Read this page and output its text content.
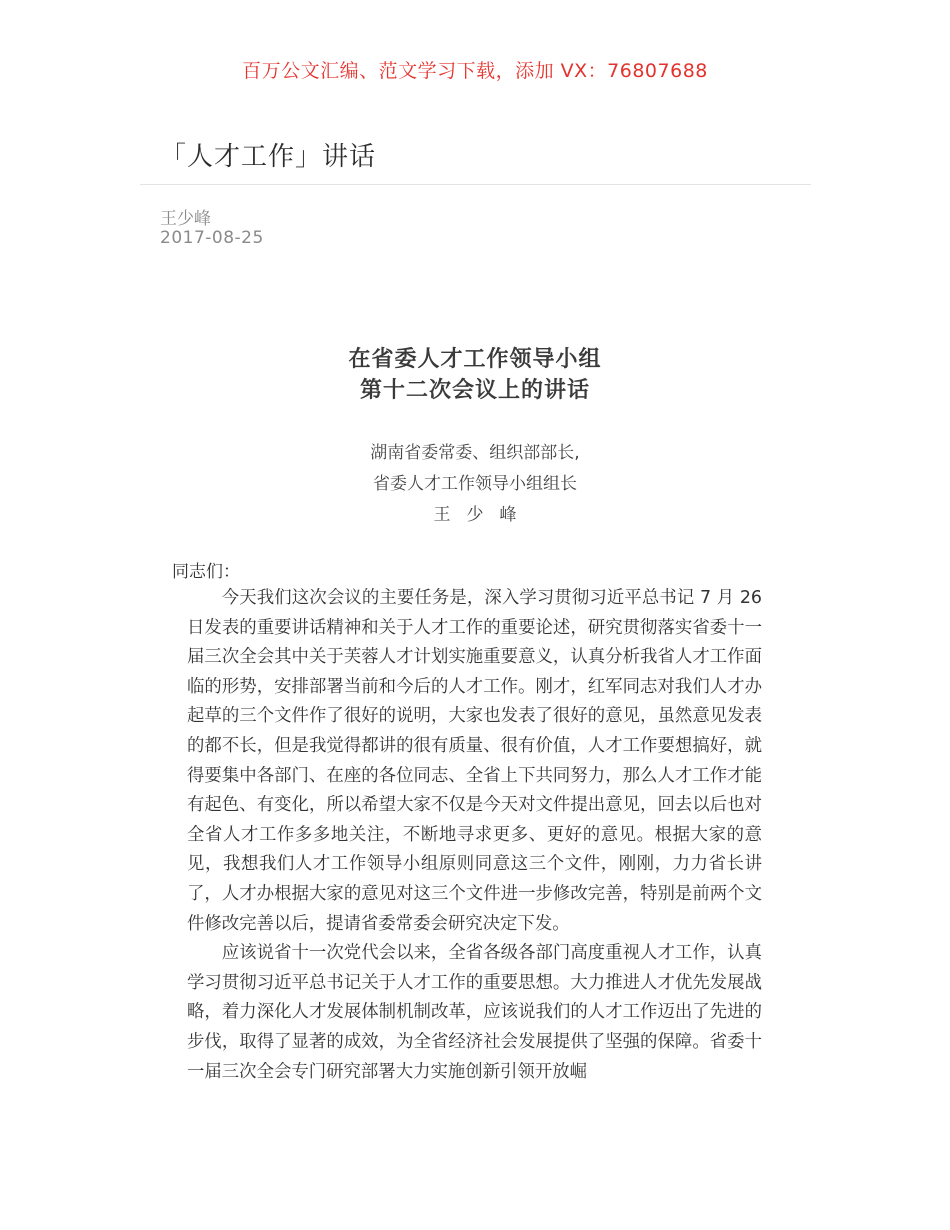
百万公文汇编、范文学习下载，添加 VX：76807688
「人才工作」讲话
王少峰
2017-08-25
在省委人才工作领导小组
第十二次会议上的讲话
湖南省委常委、组织部部长,
省委人才工作领导小组组长
王少峰
同志们：

今天我们这次会议的主要任务是，深入学习贯彻习近平总书记 7 月 26 日发表的重要讲话精神和关于人才工作的重要论述，研究贯彻落实省委十一届三次全会其中关于芙蓉人才计划实施重要意义，认真分析我省人才工作面临的形势，安排部署当前和今后的人才工作。刚才，红军同志对我们人才办起草的三个文件作了很好的说明，大家也发表了很好的意见，虽然意见发表的都不长，但是我觉得都讲的很有质量、很有价值，人才工作要想搞好，就得要集中各部门、在座的各位同志、全省上下共同努力，那么人才工作才能有起色、有变化，所以希望大家不仅是今天对文件提出意见，回去以后也对全省人才工作多多地关注，不断地寻求更多、更好的意见。根据大家的意见，我想我们人才工作领导小组原则同意这三个文件，刚刚，力力省长讲了，人才办根据大家的意见对这三个文件进一步修改完善，特别是前两个文件修改完善以后，提请省委常委会研究决定下发。

应该说省十一次党代会以来，全省各级各部门高度重视人才工作，认真学习贯彻习近平总书记关于人才工作的重要思想。大力推进人才优先发展战略，着力深化人才发展体制机制改革，应该说我们的人才工作迈出了先进的步伐，取得了显著的成效，为全省经济社会发展提供了坚强的保障。省委十一届三次全会专门研究部署大力实施创新引领开放崛
